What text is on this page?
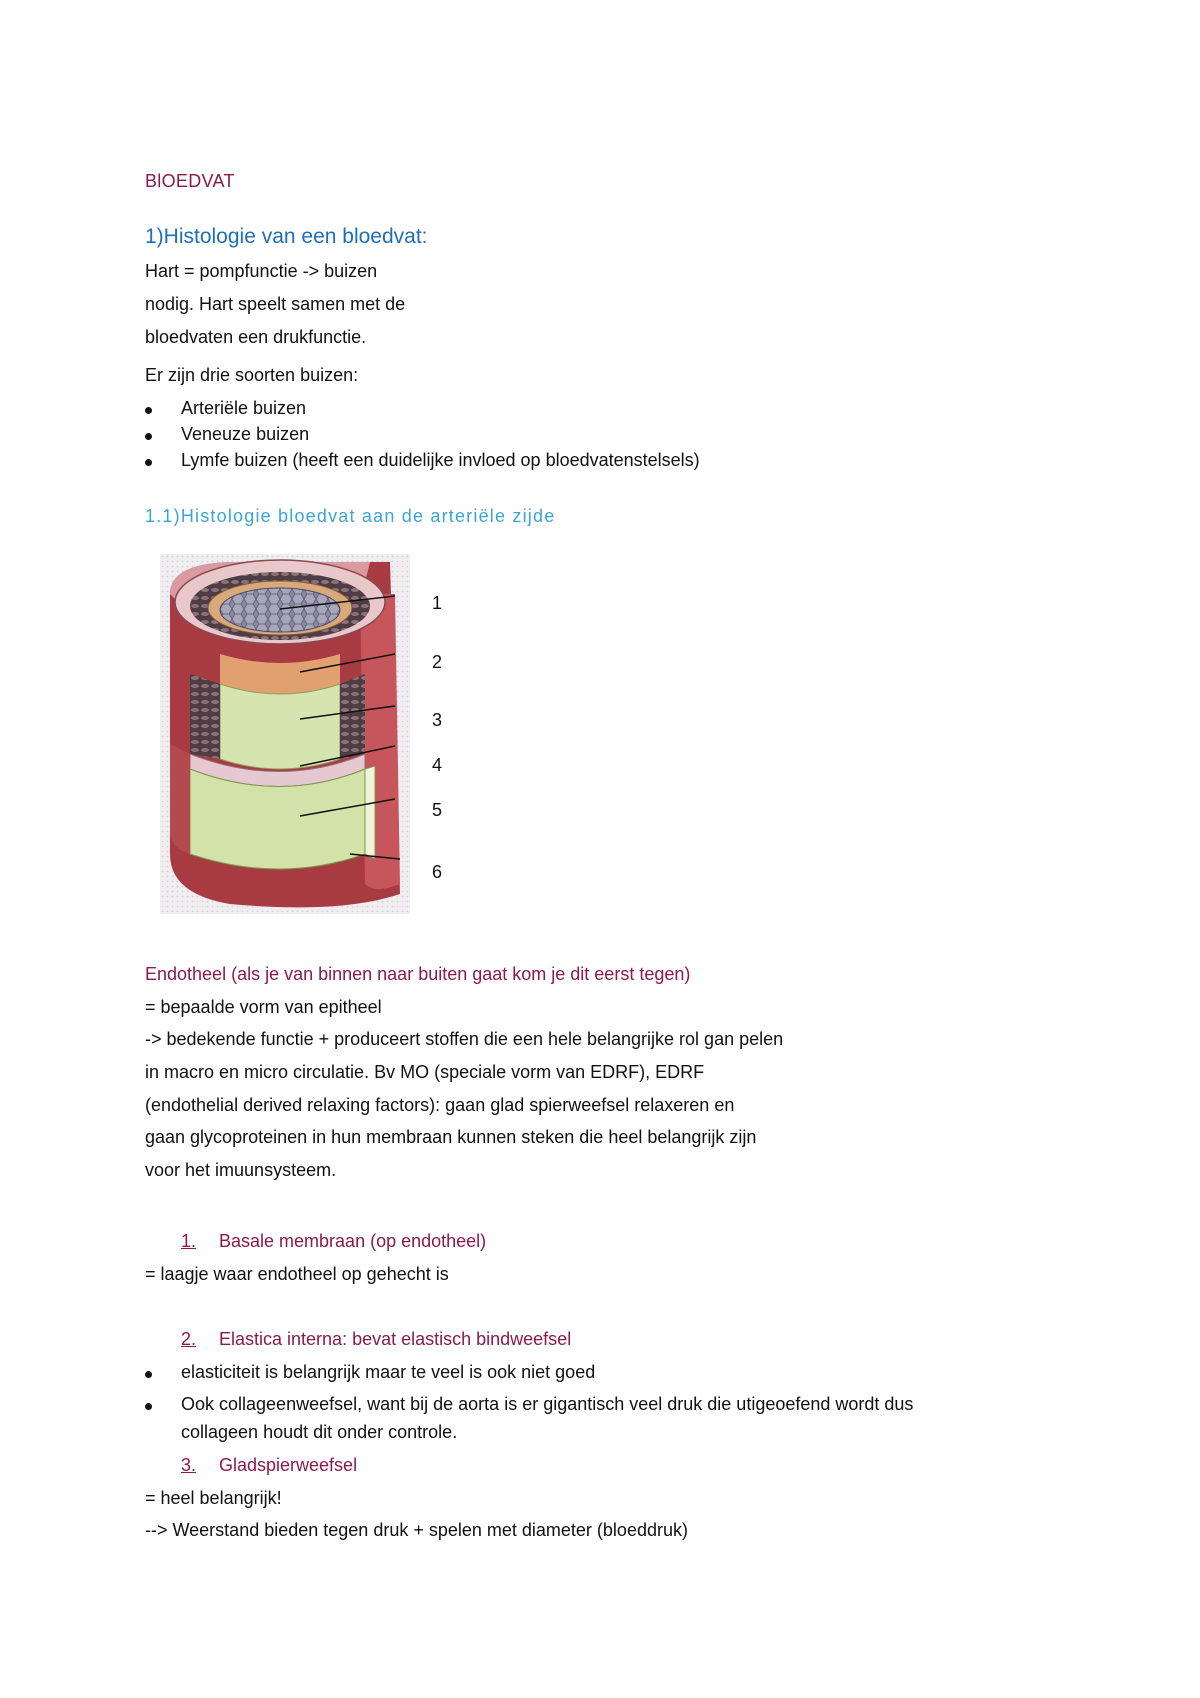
BlOEDVAT
1)Histologie van een bloedvat:
Hart = pompfunctie -> buizen
nodig. Hart speelt samen met de
bloedvaten een drukfunctie.
Er zijn drie soorten buizen:
Arteriële buizen
Veneuze buizen
Lymfe buizen (heeft een duidelijke invloed op bloedvatenstelsels)
1.1)Histologie bloedvat aan de arteriële zijde
1
2
3
4
5
6
Endotheel (als je van binnen naar buiten gaat kom je dit eerst tegen)
= bepaalde vorm van epitheel
-> bedekende functie + produceert stoffen die een hele belangrijke rol gan pelen
in macro en micro circulatie. Bv MO (speciale vorm van EDRF), EDRF
(endothelial derived relaxing factors): gaan glad spierweefsel relaxeren en
gaan glycoproteinen in hun membraan kunnen steken die heel belangrijk zijn
voor het imuunsysteem.
1. Basale membraan (op endotheel)
= laagje waar endotheel op gehecht is
2. Elastica interna: bevat elastisch bindweefsel
elasticiteit is belangrijk maar te veel is ook niet goed
Ook collageenweefsel, want bij de aorta is er gigantisch veel druk die utigeoefend wordt dus
collageen houdt dit onder controle.
3. Gladspierweefsel
= heel belangrijk!
--> Weerstand bieden tegen druk + spelen met diameter (bloeddruk)
